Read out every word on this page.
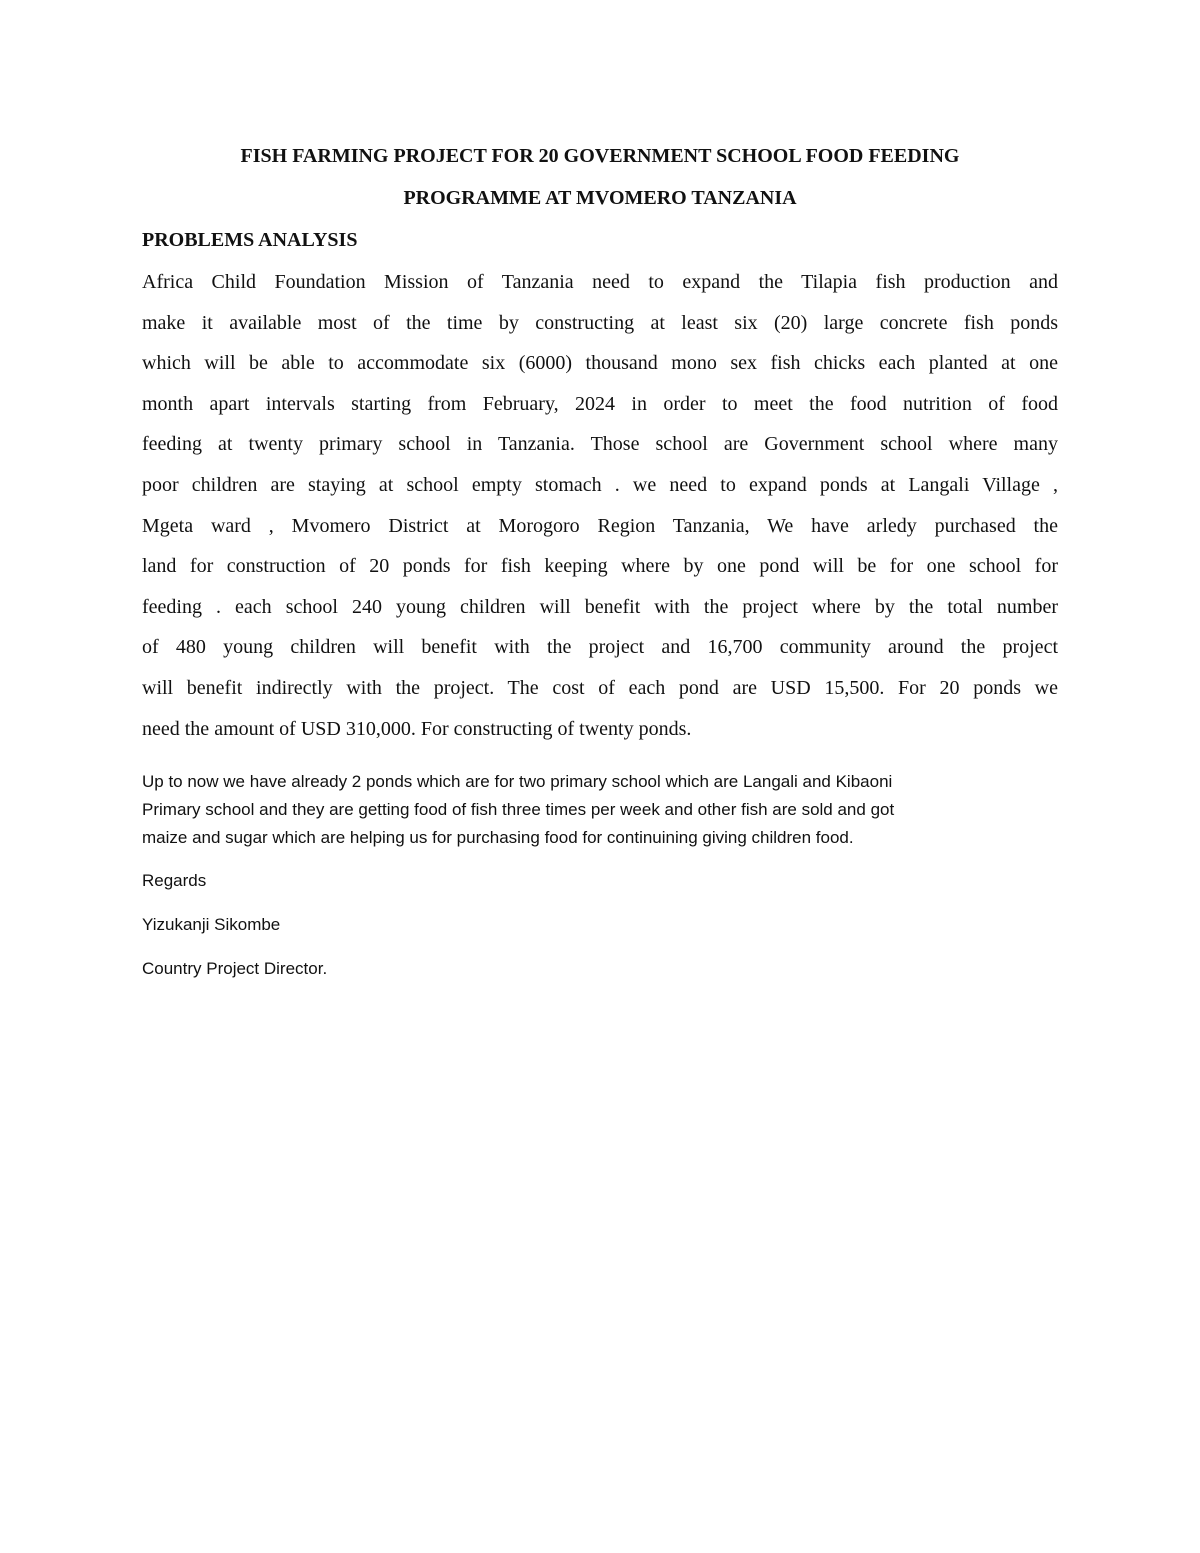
FISH FARMING PROJECT FOR 20 GOVERNMENT SCHOOL FOOD FEEDING
PROGRAMME AT MVOMERO TANZANIA
PROBLEMS ANALYSIS
Africa Child Foundation Mission of Tanzania need to expand the Tilapia fish production and
make it available most of the time by constructing at least six (20) large concrete fish ponds
which will be able to accommodate six (6000) thousand mono sex fish chicks each planted at one
month apart intervals starting from February, 2024 in order to meet the food nutrition of food
feeding at twenty primary school in Tanzania. Those school are Government school where many
poor children are staying at school empty stomach . we need to expand ponds at Langali Village ,
Mgeta ward , Mvomero District at Morogoro Region Tanzania, We have arledy purchased the
land for construction of 20 ponds for fish keeping where by one pond will be for one school for
feeding . each school 240 young children will benefit with the project where by the total number
of 480 young children will benefit with the project and 16,700 community around the project
will benefit indirectly with the project. The cost of each pond are USD 15,500. For 20 ponds we
need the amount of USD 310,000. For constructing of twenty ponds.
Up to now we have already 2 ponds which are for two primary school which are Langali and Kibaoni
Primary school and they are getting food of fish three times per week and other fish are sold and got
maize and sugar which are helping us for purchasing food for continuining giving children food.
Regards
Yizukanji Sikombe
Country Project Director.
